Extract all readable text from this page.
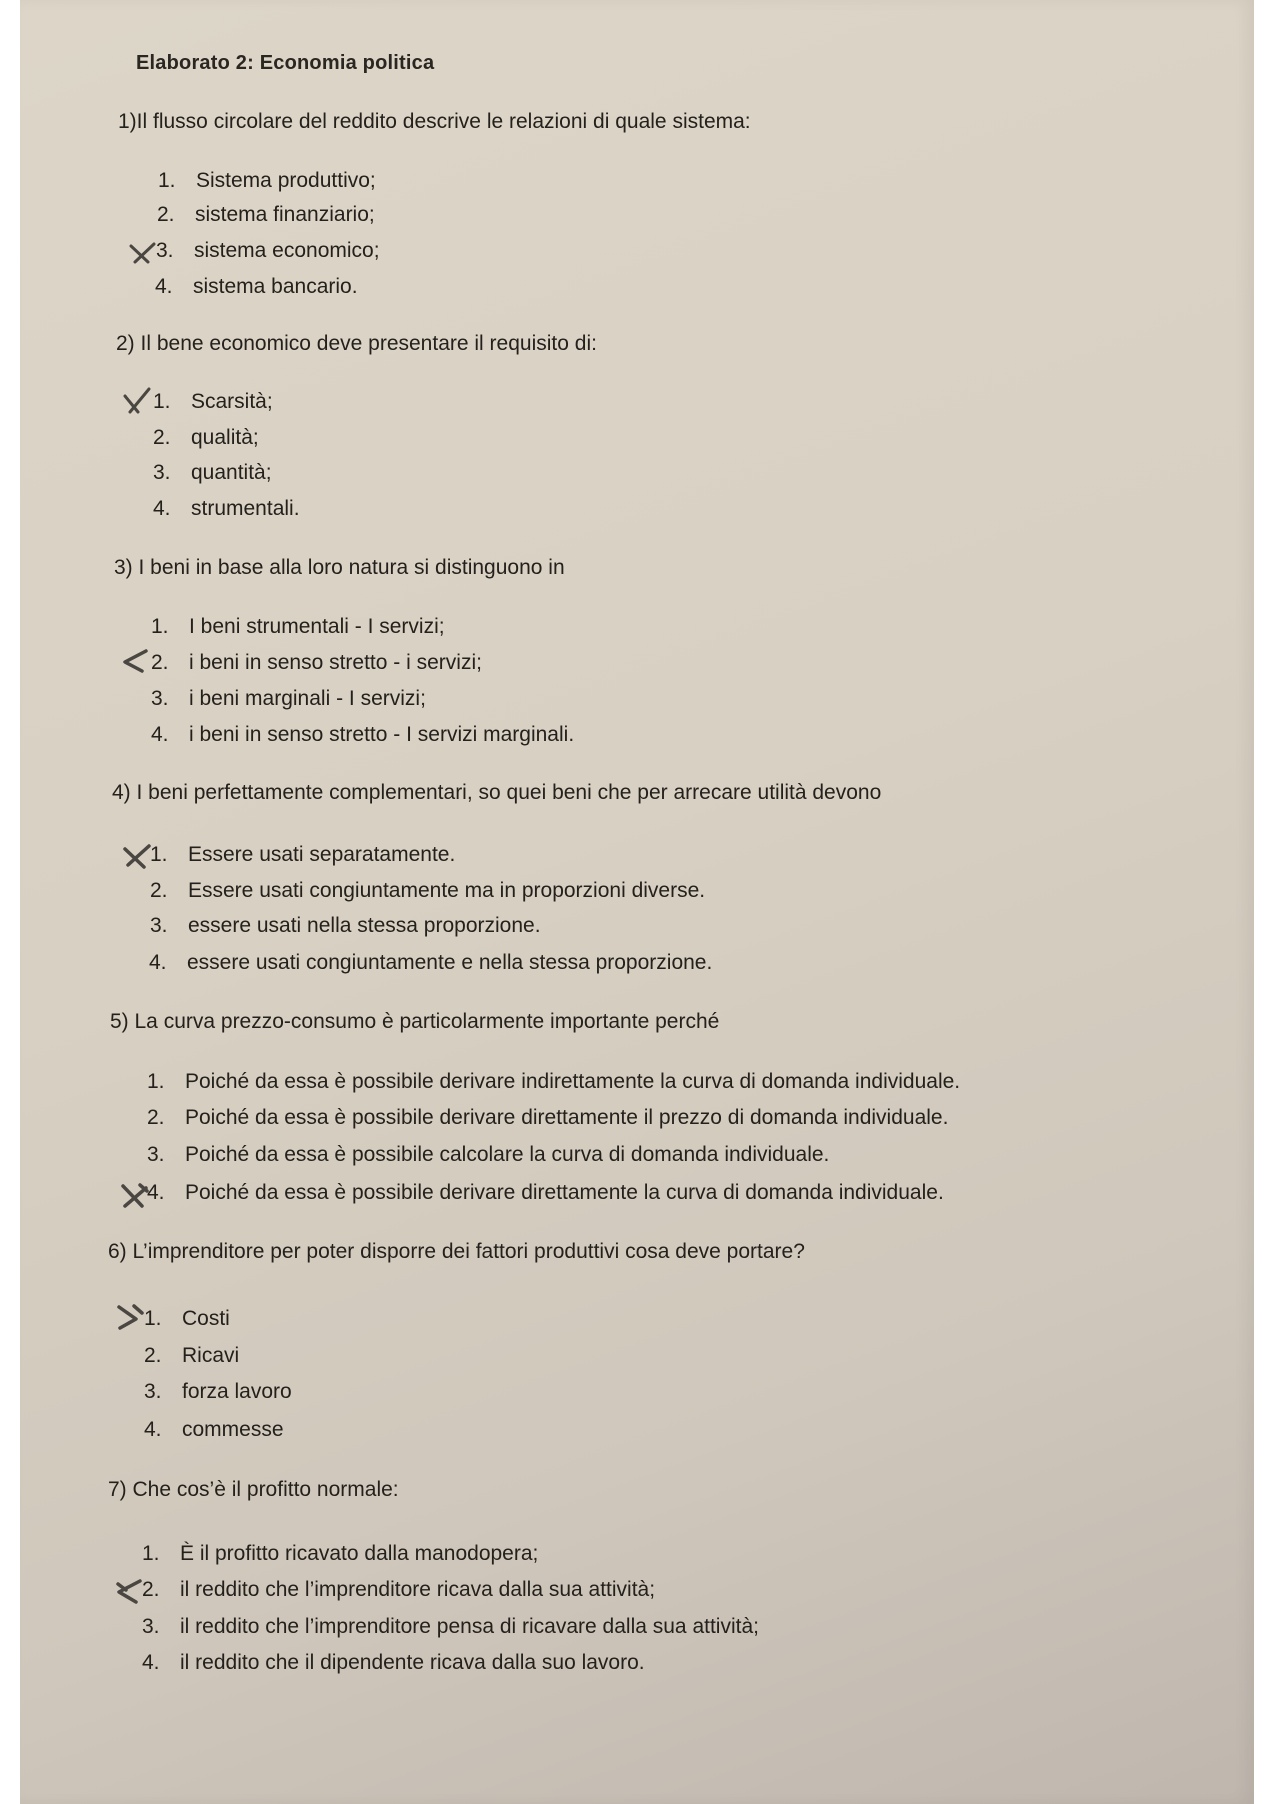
Elaborato 2: Economia politica
1)Il flusso circolare del reddito descrive le relazioni di quale sistema:
1. Sistema produttivo;
2. sistema finanziario;
3. sistema economico;
4. sistema bancario.
2) Il bene economico deve presentare il requisito di:
1. Scarsità;
2. qualità;
3. quantità;
4. strumentali.
3) I beni in base alla loro natura si distinguono in
1. I beni strumentali - I servizi;
2. i beni in senso stretto - i servizi;
3. i beni marginali - I servizi;
4. i beni in senso stretto - I servizi marginali.
4) I beni perfettamente complementari, so quei beni che per arrecare utilità devono
1. Essere usati separatamente.
2. Essere usati congiuntamente ma in proporzioni diverse.
3. essere usati nella stessa proporzione.
4. essere usati congiuntamente e nella stessa proporzione.
5) La curva prezzo-consumo è particolarmente importante perché
1. Poiché da essa è possibile derivare indirettamente la curva di domanda individuale.
2. Poiché da essa è possibile derivare direttamente il prezzo di domanda individuale.
3. Poiché da essa è possibile calcolare la curva di domanda individuale.
4. Poiché da essa è possibile derivare direttamente la curva di domanda individuale.
6) L’imprenditore per poter disporre dei fattori produttivi cosa deve portare?
1. Costi
2. Ricavi
3. forza lavoro
4. commesse
7) Che cos’è il profitto normale:
1. È il profitto ricavato dalla manodopera;
2. il reddito che l’imprenditore ricava dalla sua attività;
3. il reddito che l’imprenditore pensa di ricavare dalla sua attività;
4. il reddito che il dipendente ricava dalla suo lavoro.
